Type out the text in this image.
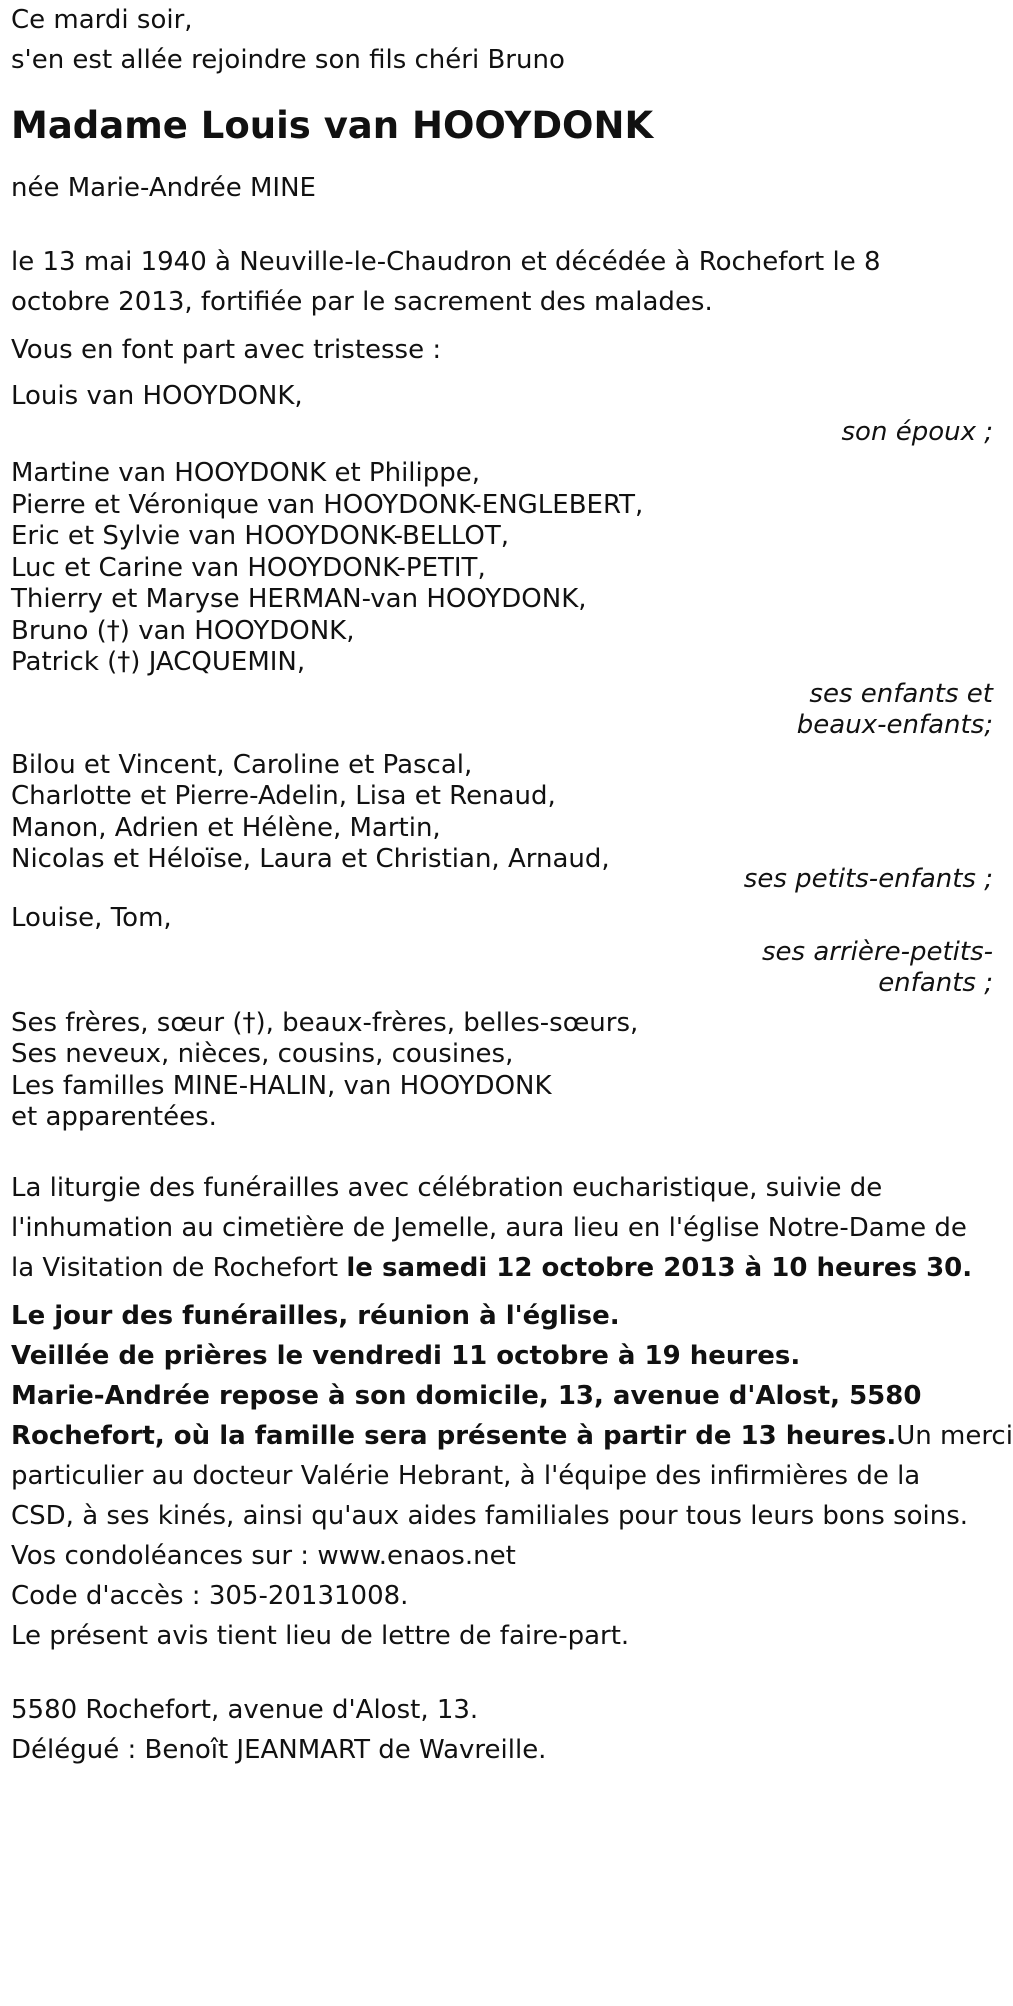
Ce mardi soir,
s'en est allée rejoindre son fils chéri Bruno
Madame Louis van HOOYDONK
née Marie-Andrée MINE
le 13 mai 1940 à Neuville-le-Chaudron et décédée à Rochefort le 8
octobre 2013, fortifiée par le sacrement des malades.
Vous en font part avec tristesse :
Louis van HOOYDONK,
son époux ;
Martine van HOOYDONK et Philippe,
Pierre et Véronique van HOOYDONK-ENGLEBERT,
Eric et Sylvie van HOOYDONK-BELLOT,
Luc et Carine van HOOYDONK-PETIT,
Thierry et Maryse HERMAN-van HOOYDONK,
Bruno (†) van HOOYDONK,
Patrick (†) JACQUEMIN,
ses enfants et
beaux-enfants;
Bilou et Vincent, Caroline et Pascal,
Charlotte et Pierre-Adelin, Lisa et Renaud,
Manon, Adrien et Hélène, Martin,
Nicolas et Héloïse, Laura et Christian, Arnaud,
ses petits-enfants ;
Louise, Tom,
ses arrière-petits-
enfants ;
Ses frères, sœur (†), beaux-frères, belles-sœurs,
Ses neveux, nièces, cousins, cousines,
Les familles MINE-HALIN, van HOOYDONK
et apparentées.
La liturgie des funérailles avec célébration eucharistique, suivie de
l'inhumation au cimetière de Jemelle, aura lieu en l'église Notre-Dame de
la Visitation de Rochefort le samedi 12 octobre 2013 à 10 heures 30.
Le jour des funérailles, réunion à l'église.
Veillée de prières le vendredi 11 octobre à 19 heures.
Marie-Andrée repose à son domicile, 13, avenue d'Alost, 5580
Rochefort, où la famille sera présente à partir de 13 heures.Un merci
particulier au docteur Valérie Hebrant, à l'équipe des infirmières de la
CSD, à ses kinés, ainsi qu'aux aides familiales pour tous leurs bons soins.
Vos condoléances sur : www.enaos.net
Code d'accès : 305-20131008.
Le présent avis tient lieu de lettre de faire-part.
5580 Rochefort, avenue d'Alost, 13.
Délégué : Benoît JEANMART de Wavreille.
